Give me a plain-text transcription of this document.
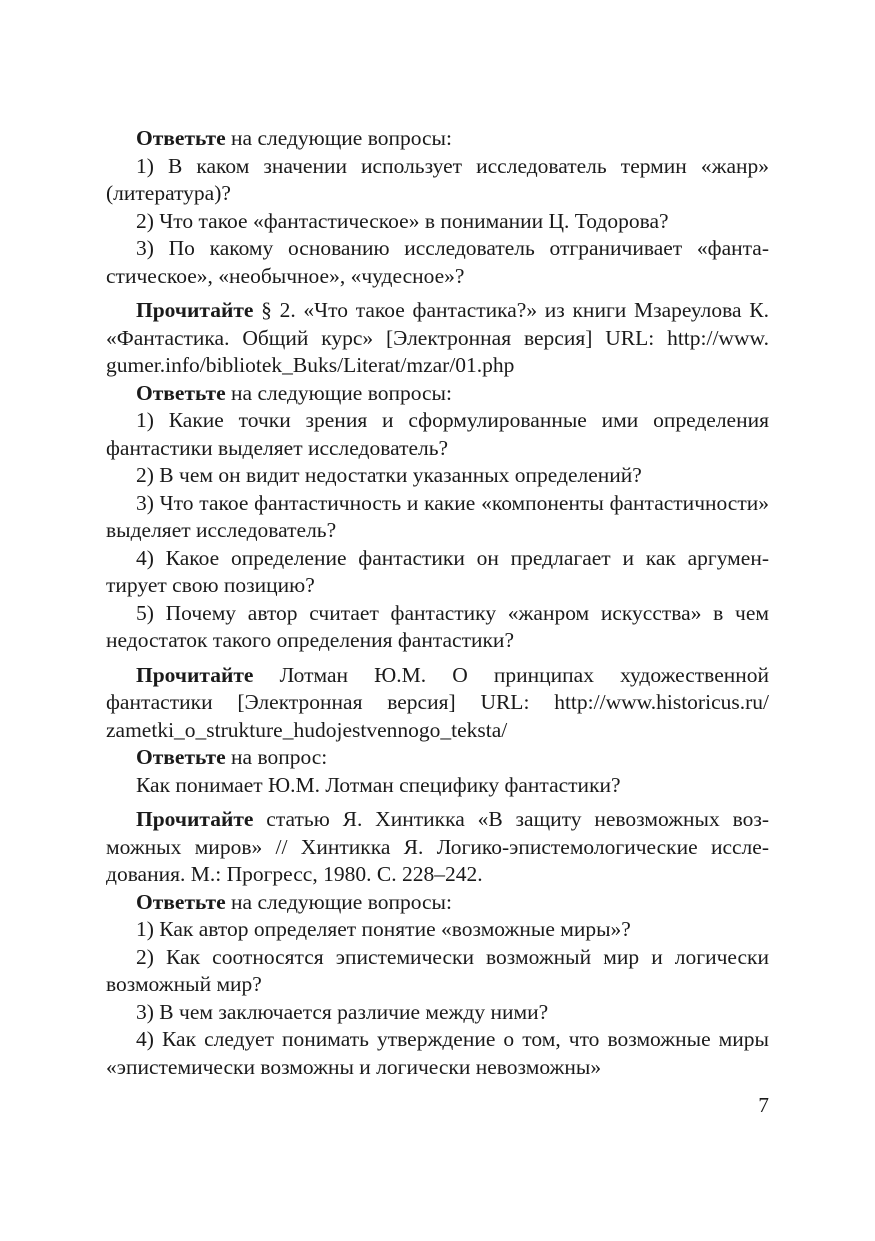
Ответьте на следующие вопросы:

1) В каком значении использует исследователь термин «жанр» (литература)?

2) Что такое «фантастическое» в понимании Ц. Тодорова?

3) По какому основанию исследователь отграничивает «фантастическое», «необычное», «чудесное»?

Прочитайте § 2. «Что такое фантастика?» из книги Мзареулова К. «Фантастика. Общий курс» [Электронная версия] URL: http://www.​gumer.info/bibliotek_Buks/Literat/mzar/01.php

Ответьте на следующие вопросы:

1) Какие точки зрения и сформулированные ими определения фантастики выделяет исследователь?

2) В чем он видит недостатки указанных определений?

3) Что такое фантастичность и какие «компоненты фантастичности» выделяет исследователь?

4) Какое определение фантастики он предлагает и как аргументирует свою позицию?

5) Почему автор считает фантастику «жанром искусства» в чем недостаток такого определения фантастики?

Прочитайте Лотман Ю.М. О принципах художественной фантастики [Электронная версия] URL: http://www.historicus.ru/​zametki_o_strukture_hudojestvennogo_teksta/

Ответьте на вопрос:

Как понимает Ю.М. Лотман специфику фантастики?

Прочитайте статью Я. Хинтикка «В защиту невозможных возможных миров» // Хинтикка Я. Логико-эпистемологические исследования. М.: Прогресс, 1980. С. 228–242.

Ответьте на следующие вопросы:

1) Как автор определяет понятие «возможные миры»?

2) Как соотносятся эпистемически возможный мир и логически возможный мир?

3) В чем заключается различие между ними?

4) Как следует понимать утверждение о том, что возможные миры «эпистемически возможны и логически невозможны»

7
